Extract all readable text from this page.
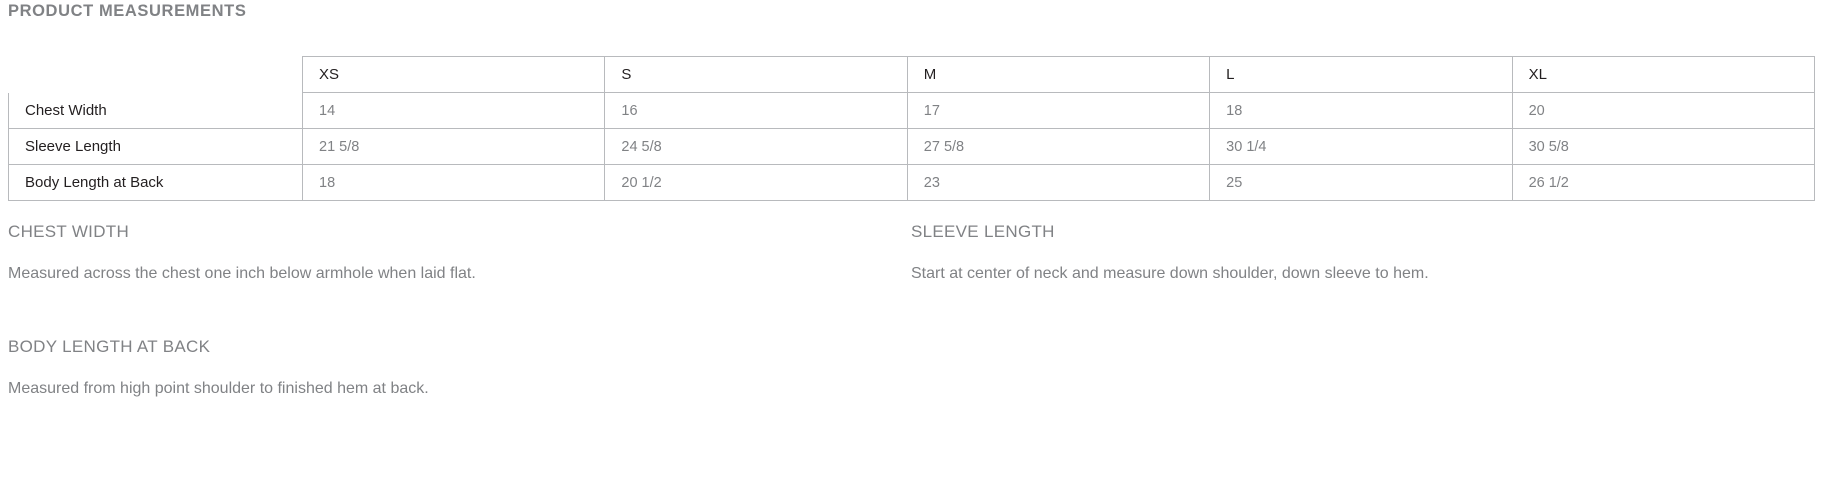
PRODUCT MEASUREMENTS
	XS	S	M	L	XL
Chest Width	14	16	17	18	20
Sleeve Length	21 5/8	24 5/8	27 5/8	30 1/4	30 5/8
Body Length at Back	18	20 1/2	23	25	26 1/2
CHEST WIDTH

Measured across the chest one inch below armhole when laid flat.

SLEEVE LENGTH

Start at center of neck and measure down shoulder, down sleeve to hem.

BODY LENGTH AT BACK

Measured from high point shoulder to finished hem at back.
